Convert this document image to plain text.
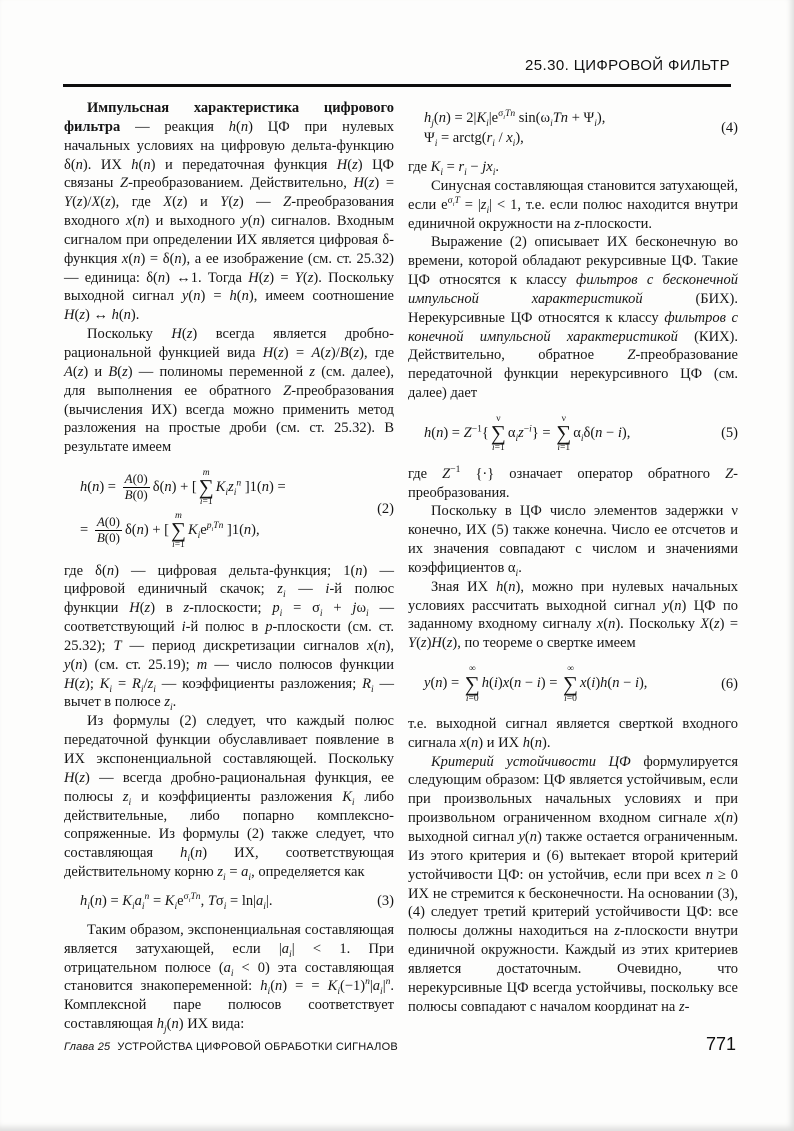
25.30. ЦИФРОВОЙ ФИЛЬТР

Импульсная характеристика цифрового фильтра — реакция h(n) ЦФ при нулевых начальных условиях на цифровую дельта-функцию δ(n). ИХ h(n) и передаточная функция H(z) ЦФ связаны Z-преобразованием. Действительно, H(z) = Y(z)/X(z), где X(z) и Y(z) — Z-преобразования входного x(n) и выходного y(n) сигналов. Входным сигналом при определении ИХ является цифровая δ-функция x(n) = δ(n), а ее изображение (см. ст. 25.32) — единица: δ(n) ↔1. Тогда H(z) = Y(z). Поскольку выходной сигнал y(n) = h(n), имеем соотношение H(z) ↔ h(n).

Поскольку H(z) всегда является дробно-рациональной функцией вида H(z) = A(z)/B(z), где A(z) и B(z) — полиномы переменной z (см. далее), для выполнения ее обратного Z-преобразования (вычисления ИХ) всегда можно применить метод разложения на простые дроби (см. ст. 25.32). В результате имеем

$h(n) = \frac{A(0)}{B(0)} \delta(n)$ + [
m
∑
i=1
$K_iz_i^n$ ]1(n) =
= $\frac{A(0)}{B(0)} \delta(n)$ + [
m
∑
i=1
$K_ie^{p_iTn}$ ]1(n),
(2)

где δ(n) — цифровая дельта-функция; 1(n) — цифровой единичный скачок; $z_i$ — i-й полюс функции H(z) в z-плоскости; $p_i = \sigma_i + j\omega_i$ — соответствующий i-й полюс в p-плоскости (см. ст. 25.32); T — период дискретизации сигналов x(n), y(n) (см. ст. 25.19); m — число полюсов функции H(z); $K_i = R_i/z_i$ — коэффициенты разложения; $R_i$ — вычет в полюсе $z_i$.

Из формулы (2) следует, что каждый полюс передаточной функции обуславливает появление в ИХ экспоненциальной составляющей. Поскольку H(z) — всегда дробно-рациональная функция, ее полюсы $z_i$ и коэффициенты разложения $K_i$ либо действительные, либо попарно комплексно-сопряженные. Из формулы (2) также следует, что составляющая $h_i(n)$ ИХ, соответствующая действительному корню $z_i = a_i$, определяется как

$h_i(n) = K_ia_i^n = K_ie^{\sigma_iTn}$, $T\sigma_i = \ln|a_i|$.	(3)

Таким образом, экспоненциальная составляющая является затухающей, если $|a_i| < 1$. При отрицательном полюсе $(a_i < 0)$ эта составляющая становится знакопеременной: $h_i(n)$ = = $K_i(-1)^n|a_i|^n$. Комплексной паре полюсов соответствует составляющая $h_j(n)$ ИХ вида:

$h_j(n) = 2|K_i|e^{\sigma_iTn}$ $\sin(\omega_iTn + \Psi_i)$,
$\Psi_i$ = $arctg(r_i / x_i)$,
(4)

где $K_i = r_i - jx_i$.

Синусная составляющая становится затухающей, если $e^{\sigma_iT} = |z_i| < 1$, т.е. если полюс находится внутри единичной окружности на z-плоскости.

Выражение (2) описывает ИХ бесконечную во времени, которой обладают рекурсивные ЦФ. Такие ЦФ относятся к классу фильтров с бесконечной импульсной характеристикой (БИХ). Нерекурсивные ЦФ относятся к классу фильтров с конечной импульсной характеристикой (КИХ). Действительно, обратное Z-преобразование передаточной функции нерекурсивного ЦФ (см. далее) дает

$h(n) = Z^{-1}${
ν
∑
i=1
$\alpha_iz^{-i}$} =
ν
∑
i=1
$\alpha_i\delta(n - i)$,	(5)

где $Z^{-1}$ {·} означает оператор обратного Z-преобразования.

Поскольку в ЦФ число элементов задержки ν конечно, ИХ (5) также конечна. Число ее отсчетов и их значения совпадают с числом и значениями коэффициентов $\alpha_i$.

Зная ИХ h(n), можно при нулевых начальных условиях рассчитать выходной сигнал y(n) ЦФ по заданному входному сигналу x(n). Поскольку X(z) = Y(z)H(z), по теореме о свертке имеем

y(n) =
∞
∑
i=0
h(i)x(n − i) =
∞
∑
i=0
x(i)h(n − i),	(6)

т.е. выходной сигнал является сверткой входного сигнала x(n) и ИХ h(n).

Критерий устойчивости ЦФ формулируется следующим образом: ЦФ является устойчивым, если при произвольных начальных условиях и при произвольном ограниченном входном сигнале x(n) выходной сигнал y(n) также остается ограниченным. Из этого критерия и (6) вытекает второй критерий устойчивости ЦФ: он устойчив, если при всех n ≥ 0 ИХ не стремится к бесконечности. На основании (3), (4) следует третий критерий устойчивости ЦФ: все полюсы должны находиться на z-плоскости внутри единичной окружности. Каждый из этих критериев является достаточным. Очевидно, что нерекурсивные ЦФ всегда устойчивы, поскольку все полюсы совпадают с началом координат на z-

Глава 25 УСТРОЙСТВА ЦИФРОВОЙ ОБРАБОТКИ СИГНАЛОВ	771
